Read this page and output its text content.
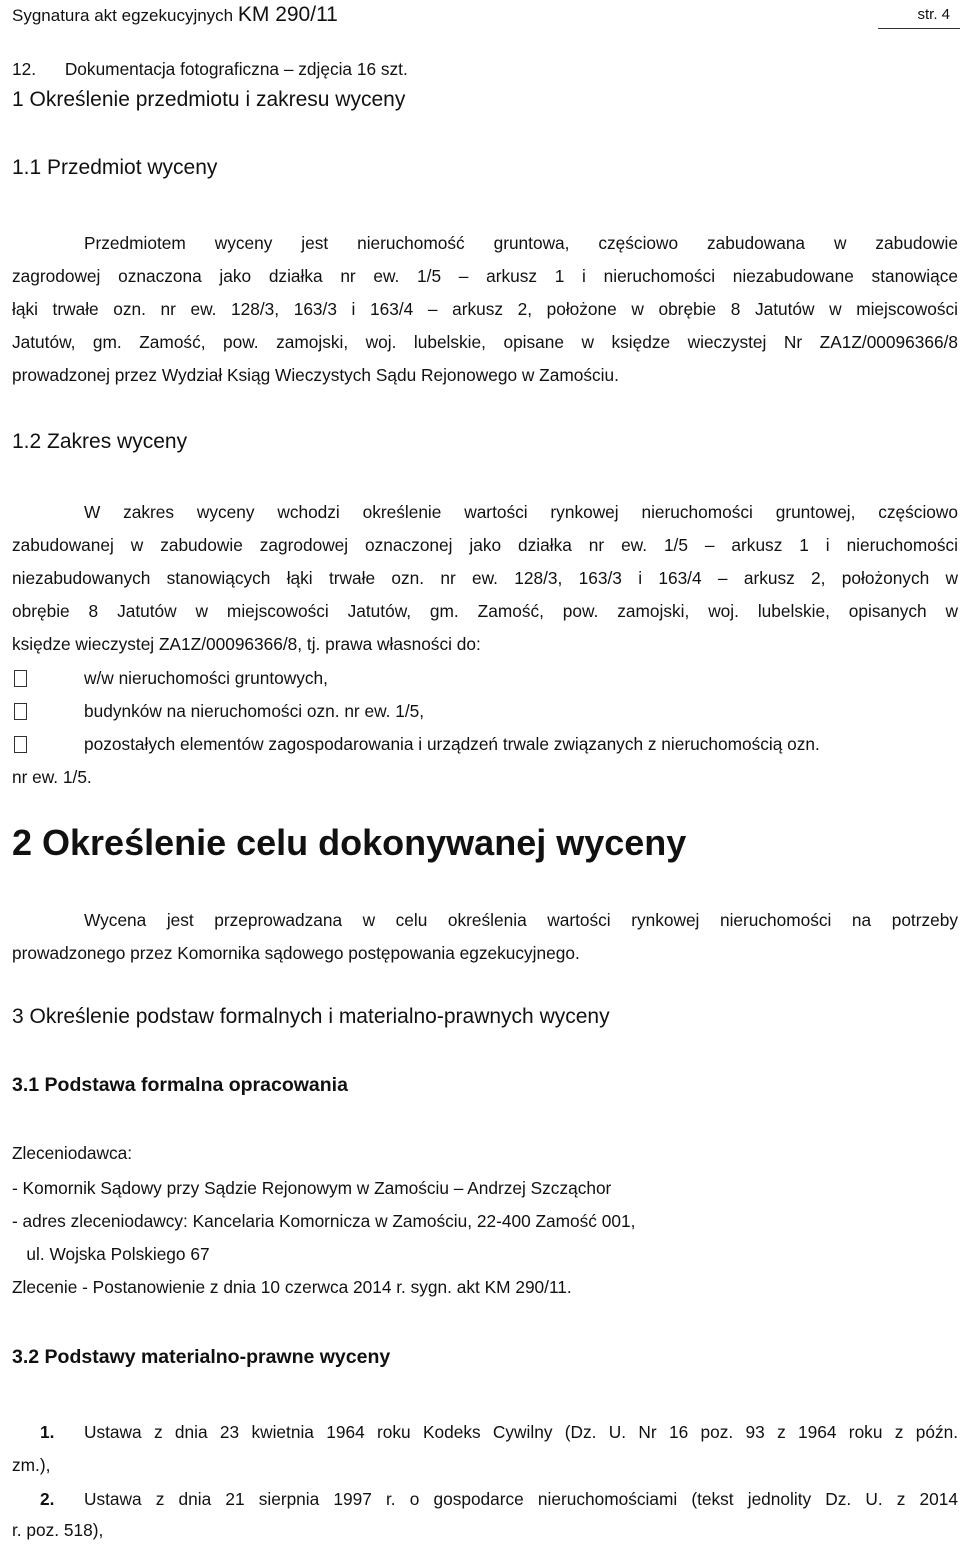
Sygnatura akt egzekucyjnych KM 290/11	str. 4
12.      Dokumentacja fotograficzna – zdjęcia 16 szt.
1 Określenie przedmiotu i zakresu wyceny
1.1 Przedmiot wyceny
Przedmiotem wyceny jest nieruchomość gruntowa, częściowo zabudowana w zabudowie
zagrodowej oznaczona jako działka nr ew. 1/5 – arkusz 1 i nieruchomości niezabudowane stanowiące
łąki trwałe ozn. nr ew. 128/3, 163/3 i 163/4 – arkusz 2, położone w obrębie 8 Jatutów w miejscowości
Jatutów, gm. Zamość, pow. zamojski, woj. lubelskie, opisane w księdze wieczystej Nr ZA1Z/00096366/8
prowadzonej przez Wydział Ksiąg Wieczystych Sądu Rejonowego w Zamościu.
1.2 Zakres wyceny
W zakres wyceny wchodzi określenie wartości rynkowej nieruchomości gruntowej, częściowo
zabudowanej w zabudowie zagrodowej oznaczonej jako działka nr ew. 1/5 – arkusz 1 i nieruchomości
niezabudowanych stanowiących łąki trwałe ozn. nr ew. 128/3, 163/3 i 163/4 – arkusz 2, położonych w
obrębie 8 Jatutów w miejscowości Jatutów, gm. Zamość, pow. zamojski, woj. lubelskie, opisanych w
księdze wieczystej ZA1Z/00096366/8, tj. prawa własności do:
w/w nieruchomości gruntowych,
budynków na nieruchomości ozn. nr ew. 1/5,
pozostałych elementów zagospodarowania i urządzeń trwale związanych z nieruchomością ozn.
nr ew. 1/5.
2 Określenie celu dokonywanej wyceny
Wycena jest przeprowadzana w celu określenia wartości rynkowej nieruchomości na potrzeby
prowadzonego przez Komornika sądowego postępowania egzekucyjnego.
3 Określenie podstaw formalnych i materialno-prawnych wyceny
3.1 Podstawa formalna opracowania
Zleceniodawca:
- Komornik Sądowy przy Sądzie Rejonowym w Zamościu – Andrzej Szcząchor
- adres zleceniodawcy: Kancelaria Komornicza w Zamościu, 22-400 Zamość 001,
ul. Wojska Polskiego 67
Zlecenie - Postanowienie z dnia 10 czerwca 2014 r. sygn. akt KM 290/11.
3.2 Podstawy materialno-prawne wyceny
1. Ustawa z dnia 23 kwietnia 1964 roku Kodeks Cywilny (Dz. U. Nr 16 poz. 93 z 1964 roku z późn.
zm.),
2. Ustawa z dnia 21 sierpnia 1997 r. o gospodarce nieruchomościami (tekst jednolity Dz. U. z 2014
r. poz. 518),
